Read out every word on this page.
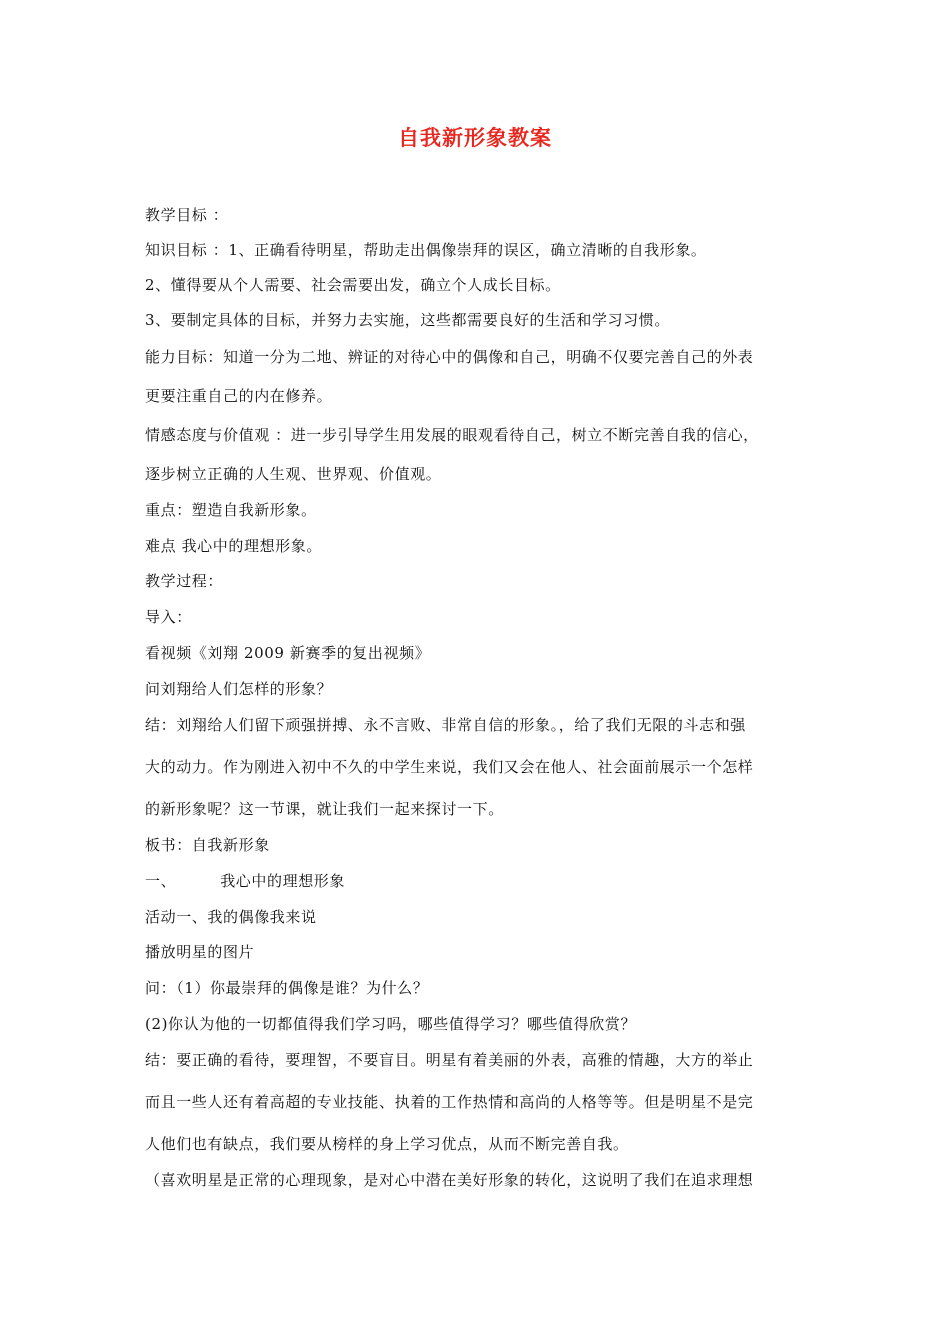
自我新形象教案
教学目标 ：
知识目标 ：1、正确看待明星，帮助走出偶像崇拜的误区，确立清晰的自我形象。
2、懂得要从个人需要、社会需要出发，确立个人成长目标。
3、要制定具体的目标，并努力去实施，这些都需要良好的生活和学习习惯。
能力目标：知道一分为二地、辨证的对待心中的偶像和自己，明确不仅要完善自己的外表
更要注重自己的内在修养。
情感态度与价值观 ：进一步引导学生用发展的眼观看待自己，树立不断完善自我的信心，
逐步树立正确的人生观、世界观、价值观。
重点：塑造自我新形象。
难点 我心中的理想形象。
教学过程：
导入：
看视频《刘翔 2009 新赛季的复出视频》
问刘翔给人们怎样的形象？
结：刘翔给人们留下顽强拼搏、永不言败、非常自信的形象。，给了我们无限的斗志和强
大的动力。作为刚进入初中不久的中学生来说，我们又会在他人、社会面前展示一个怎样
的新形象呢？这一节课，就让我们一起来探讨一下。
板书：自我新形象
一、	我心中的理想形象
活动一、我的偶像我来说
播放明星的图片
问：（1）你最崇拜的偶像是谁？为什么？
(2)你认为他的一切都值得我们学习吗，哪些值得学习？哪些值得欣赏？
结：要正确的看待，要理智，不要盲目。明星有着美丽的外表，高雅的情趣，大方的举止
而且一些人还有着高超的专业技能、执着的工作热情和高尚的人格等等。但是明星不是完
人他们也有缺点，我们要从榜样的身上学习优点，从而不断完善自我。
（喜欢明星是正常的心理现象，是对心中潜在美好形象的转化，这说明了我们在追求理想
